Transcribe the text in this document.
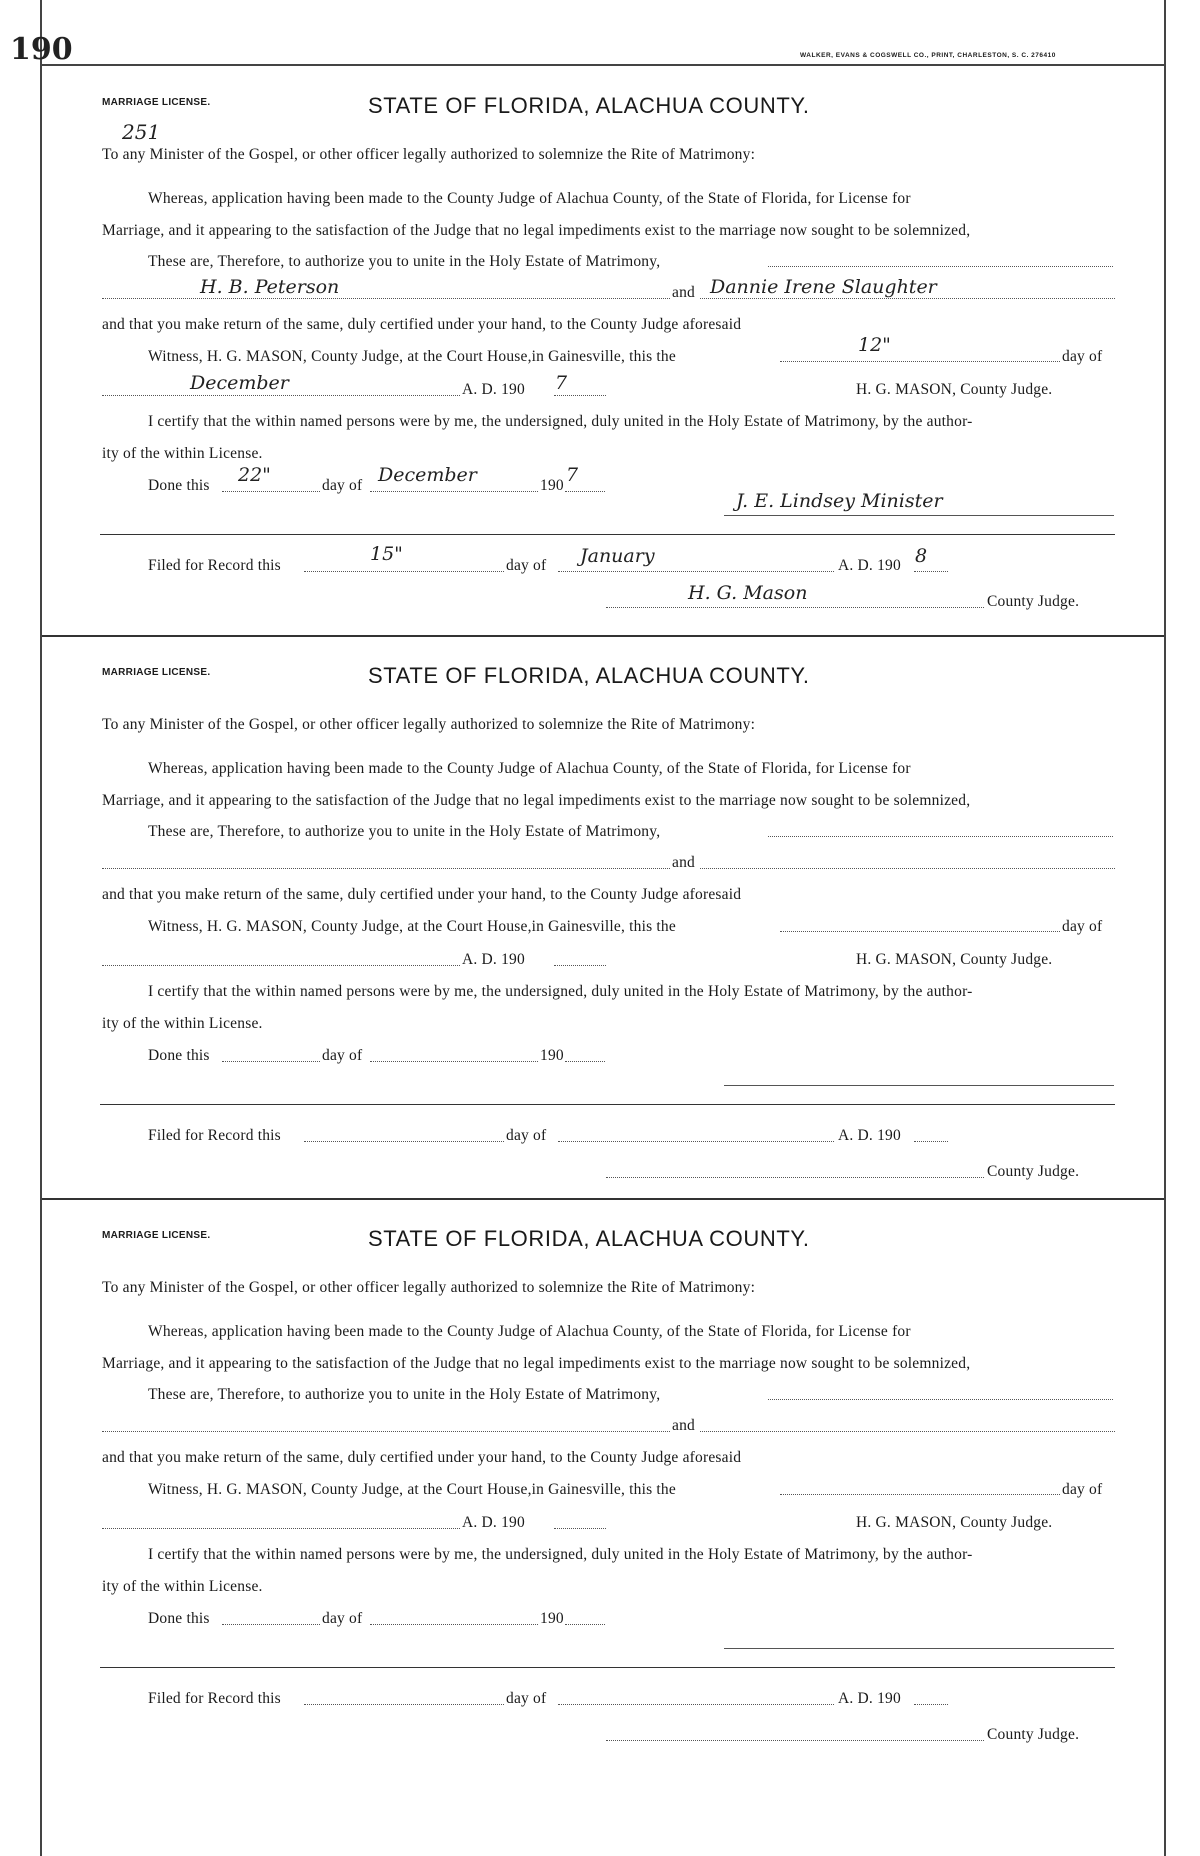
190	WALKER, EVANS & COGSWELL CO., PRINT, CHARLESTON, S. C. 276410
MARRIAGE LICENSE.	STATE OF FLORIDA, ALACHUA COUNTY.
251
To any Minister of the Gospel, or other officer legally authorized to solemnize the Rite of Matrimony:
Whereas, application having been made to the County Judge of Alachua County, of the State of Florida, for License for
Marriage, and it appearing to the satisfaction of the Judge that no legal impediments exist to the marriage now sought to be solemnized,
These are, Therefore, to authorize you to unite in the Holy Estate of Matrimony,
H. B. Peterson	and Dannie Irene Slaughter
and that you make return of the same, duly certified under your hand, to the County Judge aforesaid
Witness, H. G. MASON, County Judge, at the Court House,in Gainesville, this the
12"
day of
December	A. D. 190 7	H. G. MASON, County Judge.
I certify that the within named persons were by me, the undersigned, duly united in the Holy Estate of Matrimony, by the author-
ity of the within License.
Done this 22"	day of December	190 7
J. E. Lindsey Minister
Filed for Record this
15"
day of January	A. D. 190 8
H. G. Mason	County Judge.
MARRIAGE LICENSE.	STATE OF FLORIDA, ALACHUA COUNTY.
To any Minister of the Gospel, or other officer legally authorized to solemnize the Rite of Matrimony:
Whereas, application having been made to the County Judge of Alachua County, of the State of Florida, for License for
Marriage, and it appearing to the satisfaction of the Judge that no legal impediments exist to the marriage now sought to be solemnized,
These are, Therefore, to authorize you to unite in the Holy Estate of Matrimony,
and
and that you make return of the same, duly certified under your hand, to the County Judge aforesaid
Witness, H. G. MASON, County Judge, at the Court House,in Gainesville, this the	day of
A. D. 190	H. G. MASON, County Judge.
I certify that the within named persons were by me, the undersigned, duly united in the Holy Estate of Matrimony, by the author-
ity of the within License.
Done this	day of	190
Filed for Record this	day of	A. D. 190
County Judge.
MARRIAGE LICENSE.	STATE OF FLORIDA, ALACHUA COUNTY.
To any Minister of the Gospel, or other officer legally authorized to solemnize the Rite of Matrimony:
Whereas, application having been made to the County Judge of Alachua County, of the State of Florida, for License for
Marriage, and it appearing to the satisfaction of the Judge that no legal impediments exist to the marriage now sought to be solemnized,
These are, Therefore, to authorize you to unite in the Holy Estate of Matrimony,
and
and that you make return of the same, duly certified under your hand, to the County Judge aforesaid
Witness, H. G. MASON, County Judge, at the Court House,in Gainesville, this the	day of
A. D. 190	H. G. MASON, County Judge.
I certify that the within named persons were by me, the undersigned, duly united in the Holy Estate of Matrimony, by the author-
ity of the within License.
Done this	day of	190
Filed for Record this	day of	A. D. 190
County Judge.
